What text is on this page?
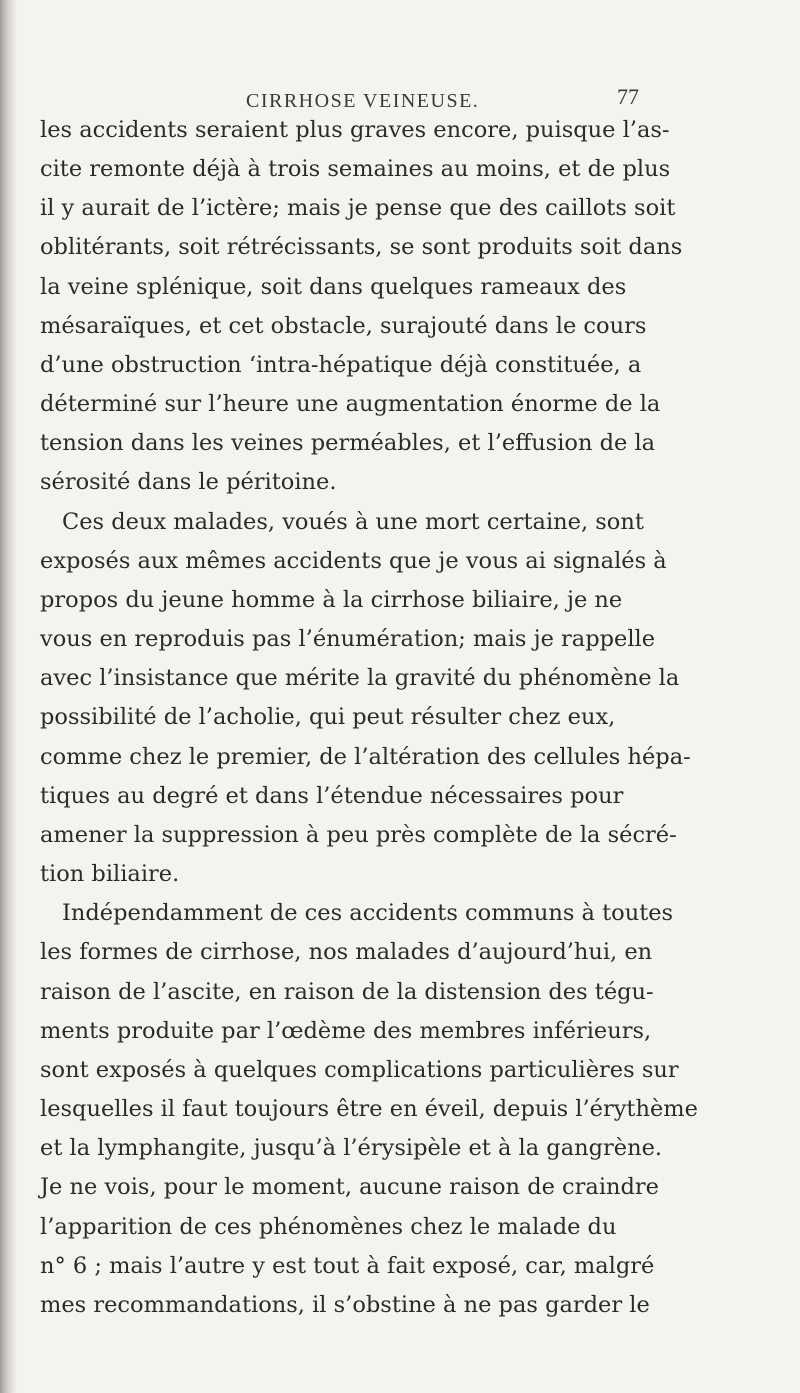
CIRRHOSE VEINEUSE.	77
les accidents seraient plus graves encore, puisque l’as-
cite remonte déjà à trois semaines au moins, et de plus
il y aurait de l’ictère; mais je pense que des caillots soit
oblitérants, soit rétrécissants, se sont produits soit dans
la veine splénique, soit dans quelques rameaux des
mésaraïques, et cet obstacle, surajouté dans le cours
d’une obstruction ‘intra-hépatique déjà constituée, a
déterminé sur l’heure une augmentation énorme de la
tension dans les veines perméables, et l’effusion de la
sérosité dans le péritoine.
Ces deux malades, voués à une mort certaine, sont
exposés aux mêmes accidents que je vous ai signalés à
propos du jeune homme à la cirrhose biliaire, je ne
vous en reproduis pas l’énumération; mais je rappelle
avec l’insistance que mérite la gravité du phénomène la
possibilité de l’acholie, qui peut résulter chez eux,
comme chez le premier, de l’altération des cellules hépa-
tiques au degré et dans l’étendue nécessaires pour
amener la suppression à peu près complète de la sécré-
tion biliaire.
Indépendamment de ces accidents communs à toutes
les formes de cirrhose, nos malades d’aujourd’hui, en
raison de l’ascite, en raison de la distension des tégu-
ments produite par l’œdème des membres inférieurs,
sont exposés à quelques complications particulières sur
lesquelles il faut toujours être en éveil, depuis l’érythème
et la lymphangite, jusqu’à l’érysipèle et à la gangrène.
Je ne vois, pour le moment, aucune raison de craindre
l’apparition de ces phénomènes chez le malade du
n° 6 ; mais l’autre y est tout à fait exposé, car, malgré
mes recommandations, il s’obstine à ne pas garder le
